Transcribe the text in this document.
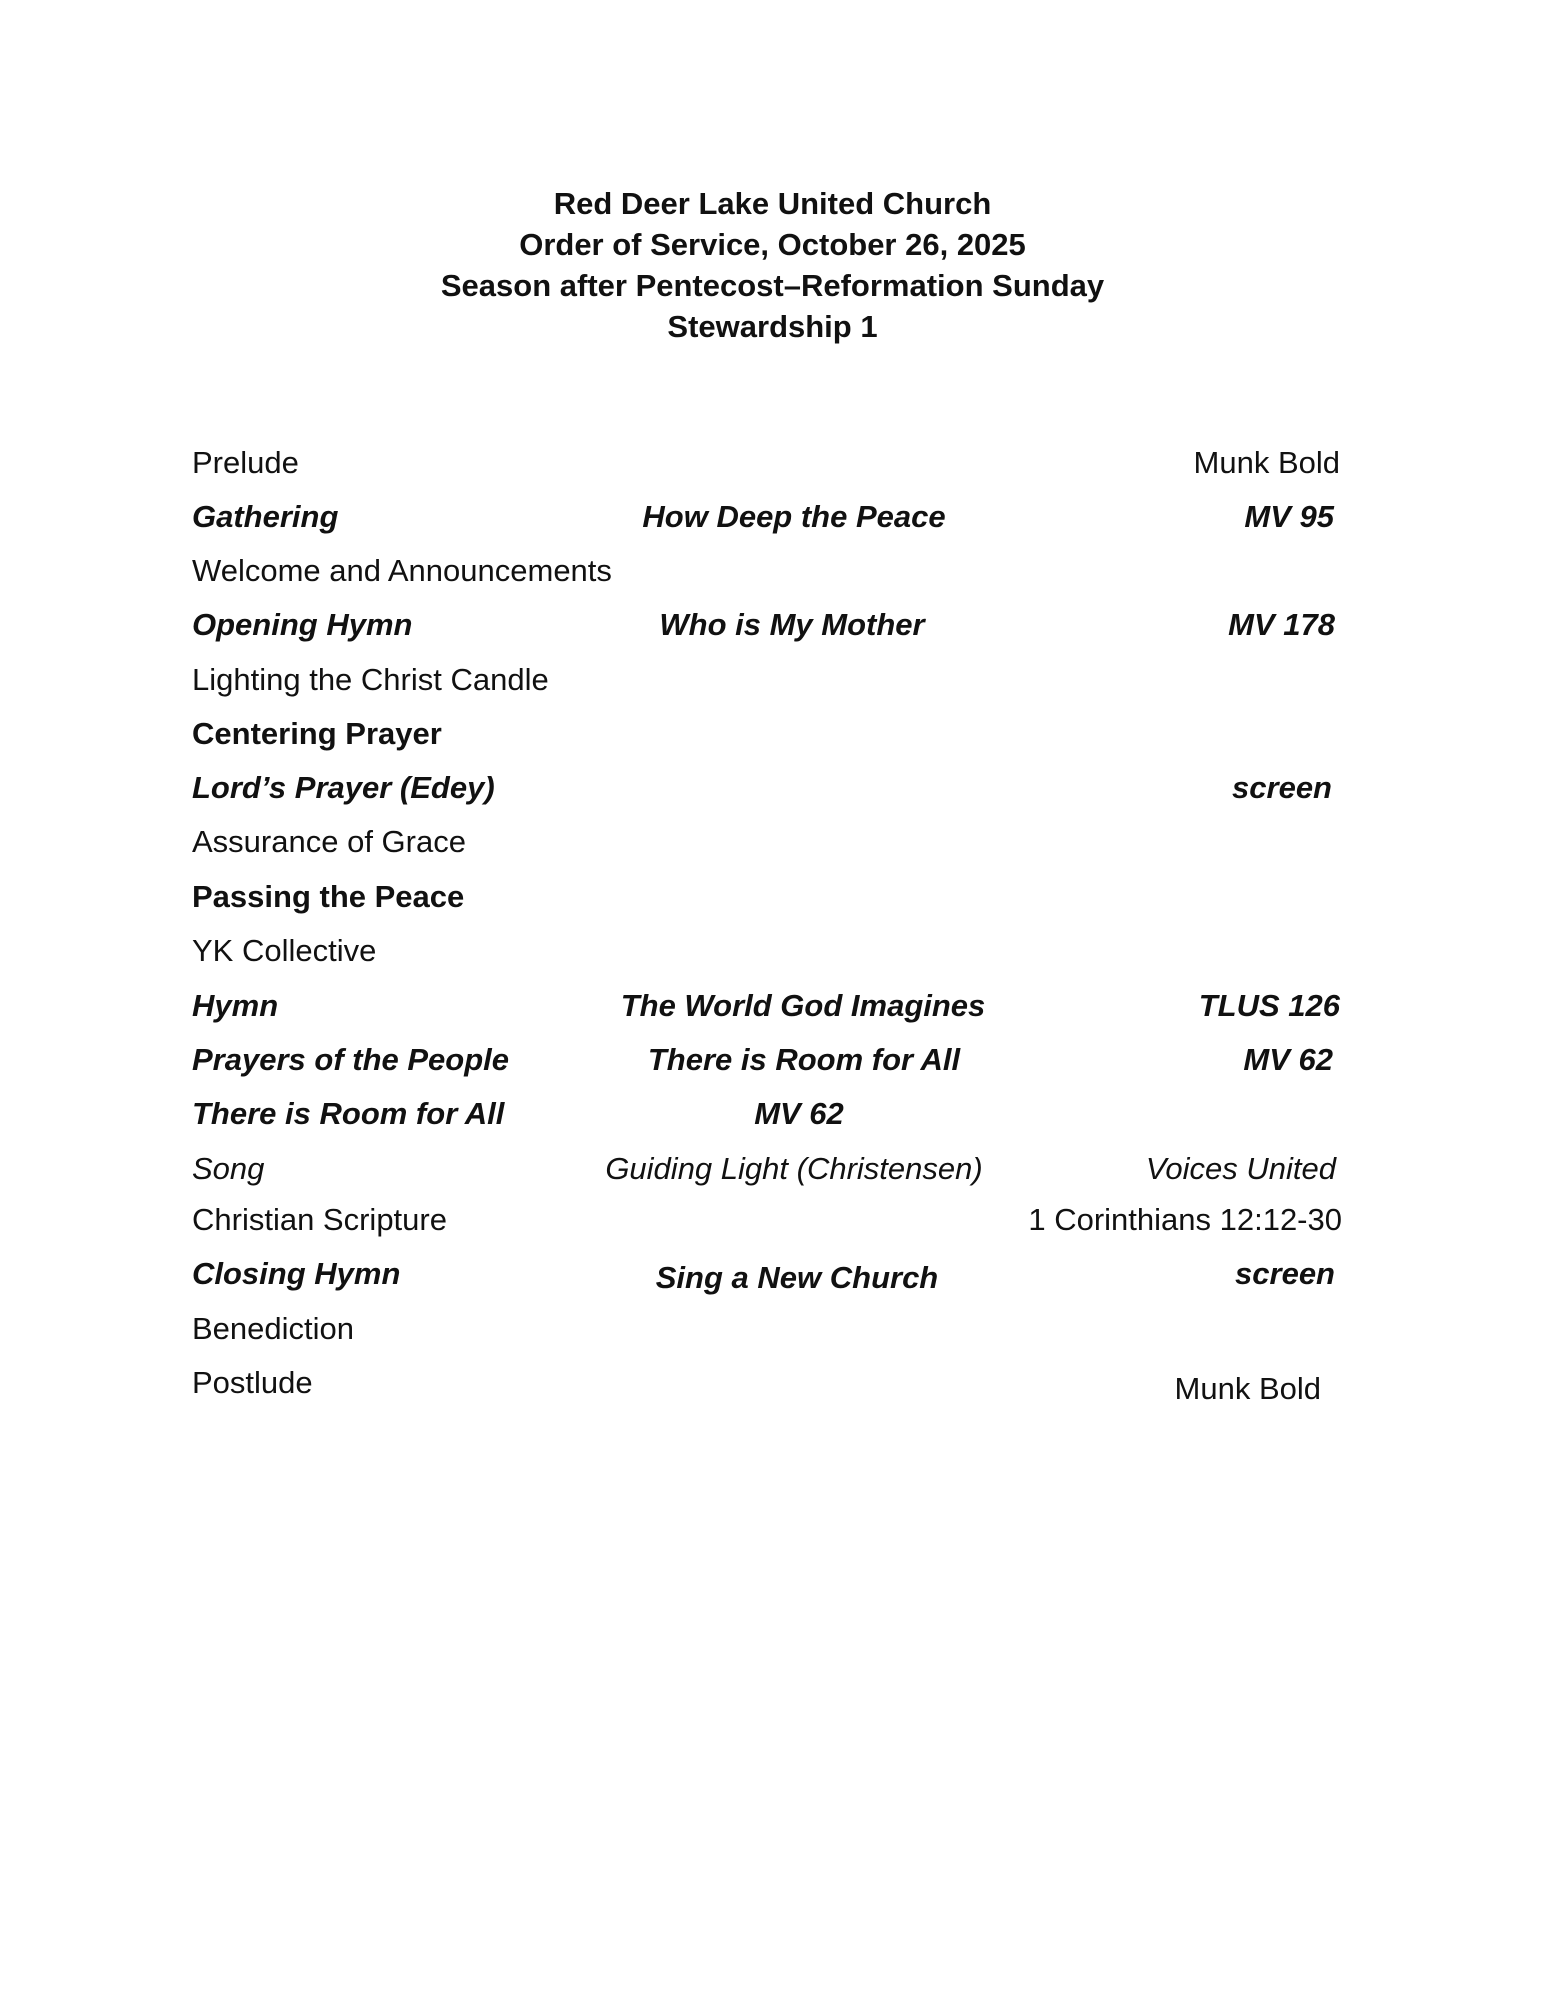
Red Deer Lake United Church
Order of Service, October 26, 2025
Season after Pentecost–Reformation Sunday
Stewardship 1
Prelude	Munk Bold
Gathering	How Deep the Peace	MV 95
Welcome and Announcements
Opening Hymn	Who is My Mother	MV 178
Lighting the Christ Candle
Centering Prayer
Lord’s Prayer (Edey)	screen
Assurance of Grace
Passing the Peace
YK Collective
Hymn	The World God Imagines	TLUS 126
Prayers of the People	There is Room for All	MV 62
There is Room for All	MV 62
Song	Guiding Light (Christensen)	Voices United
Christian Scripture	1 Corinthians 12:12-30
Closing Hymn	Sing a New Church	screen
Benediction
Postlude	Munk Bold
